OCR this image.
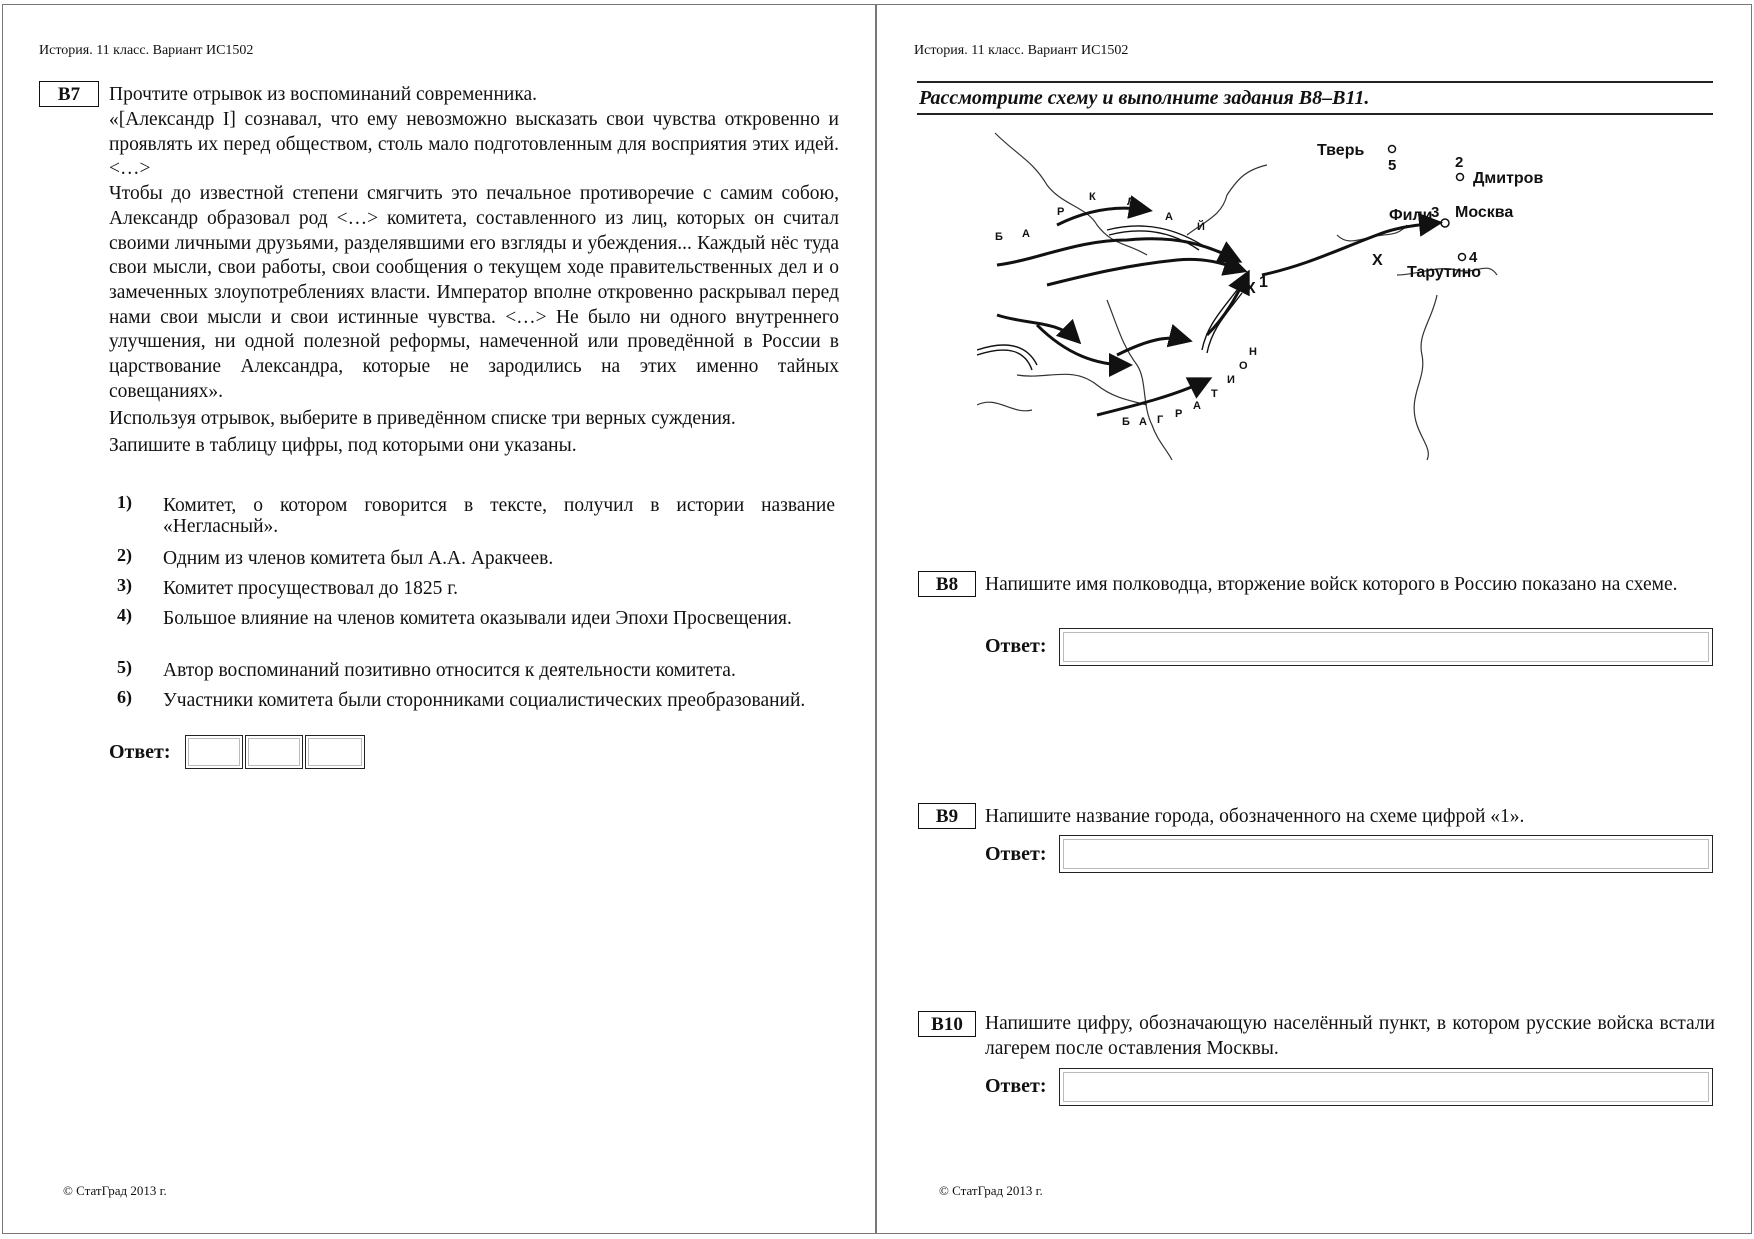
История. 11 класс. Вариант ИС1502
B7	Прочтите отрывок из воспоминаний современника.

«[Александр I] сознавал, что ему невозможно высказать свои чувства откровенно и проявлять их перед обществом, столь мало подготовленным для восприятия этих идей. <…>

Чтобы до известной степени смягчить это печальное противоречие с самим собою, Александр образовал род <…> комитета, составленного из лиц, которых он считал своими личными друзьями, разделявшими его взгляды и убеждения... Каждый нёс туда свои мысли, свои работы, свои сообщения о текущем ходе правительственных дел и о замеченных злоупотреблениях власти. Император вполне откровенно раскрывал перед нами свои мысли и свои истинные чувства. <…> Не было ни одного внутреннего улучшения, ни одной полезной реформы, намеченной или проведённой в России в царствование Александра, которые не зародились на этих именно тайных совещаниях».

Используя отрывок, выберите в приведённом списке три верных суждения.

Запишите в таблицу цифры, под которыми они указаны.

1) Комитет, о котором говорится в тексте, получил в истории название «Негласный».
2) Одним из членов комитета был А.А. Аракчеев.
3) Комитет просуществовал до 1825 г.
4) Большое влияние на членов комитета оказывали идеи Эпохи Просвещения.
5) Автор воспоминаний позитивно относится к деятельности комитета.
6) Участники комитета были сторонниками социалистических преобразований.
Ответ:
© СтатГрад 2013 г.
История. 11 класс. Вариант ИС1502
Рассмотрите схему и выполните задания B8–B11.
Б А
Р
К	Л
А
Й
Б А Г Р
А
Т
И
О
Н
X 1
X
Тверь
5	2
Дмитров
Фили
3 Москва
4
Тарутино
B8	Напишите имя полководца, вторжение войск которого в Россию показано на схеме.
Ответ:
B9	Напишите название города, обозначенного на схеме цифрой «1».
Ответ:
B10	Напишите цифру, обозначающую населённый пункт, в котором русские войска встали лагерем после оставления Москвы.
Ответ:
© СтатГрад 2013 г.
